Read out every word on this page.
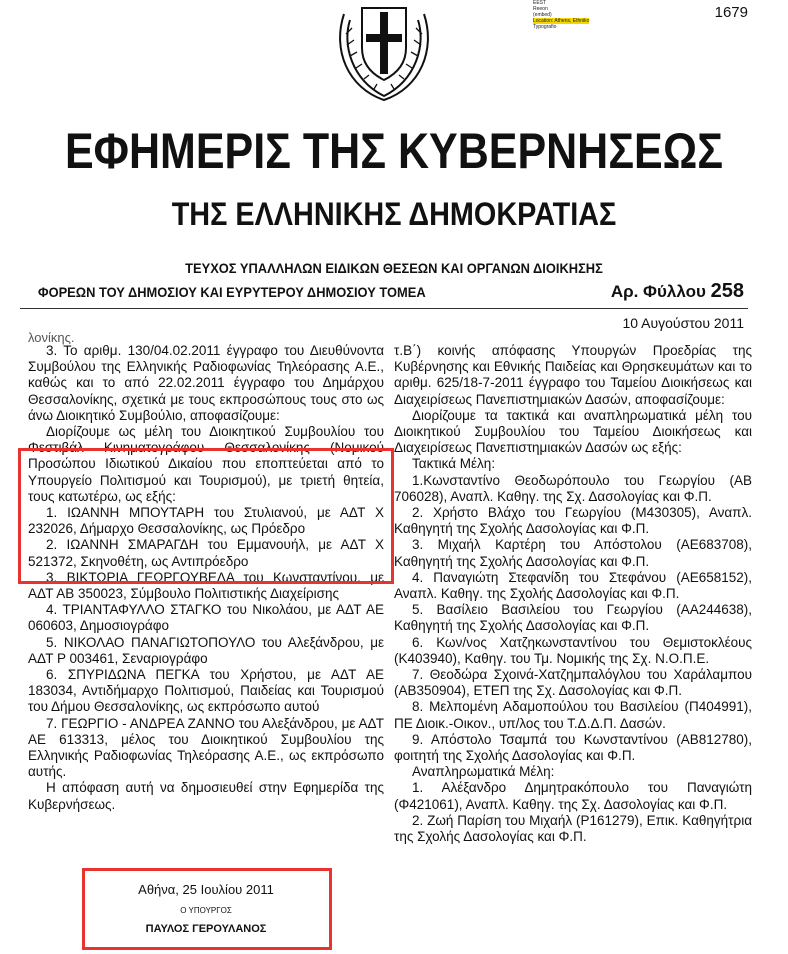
1679
EEST
Reeon
(embed)
Location: Athens, Ethniko
Typografio
ΕΦΗΜΕΡΙΣ ΤΗΣ ΚΥΒΕΡΝΗΣΕΩΣ
ΤΗΣ ΕΛΛΗΝΙΚΗΣ ΔΗΜΟΚΡΑΤΙΑΣ
ΤΕΥΧΟΣ ΥΠΑΛΛΗΛΩΝ ΕΙΔΙΚΩΝ ΘΕΣΕΩΝ ΚΑΙ ΟΡΓΑΝΩΝ ΔΙΟΙΚΗΣΗΣ
ΦΟΡΕΩΝ ΤΟΥ ΔΗΜΟΣΙΟΥ ΚΑΙ ΕΥΡΥΤΕΡΟΥ ΔΗΜΟΣΙΟΥ ΤΟΜΕΑ	Αρ. Φύλλου 258
10 Αυγούστου 2011
λονίκης.

3. Το αριθμ. 130/04.02.2011 έγγραφο του Διευθύνοντα Συμβούλου της Ελληνικής Ραδιοφωνίας Τηλεόρασης Α.Ε., καθώς και το από 22.02.2011 έγγραφο του Δημάρχου Θεσσαλονίκης, σχετικά με τους εκπροσώπους τους στο ως άνω Διοικητικό Συμβούλιο, αποφασίζουμε:

Διορίζουμε ως μέλη του Διοικητικού Συμβουλίου του Φεστιβάλ Κινηματογράφου Θεσσαλονίκης (Νομικού Προσώπου Ιδιωτικού Δικαίου που εποπτεύεται από το Υπουργείο Πολιτισμού και Τουρισμού), με τριετή θητεία, τους κατωτέρω, ως εξής:

1. ΙΩΑΝΝΗ ΜΠΟΥΤΑΡΗ του Στυλιανού, με ΑΔΤ Χ 232026, Δήμαρχο Θεσσαλονίκης, ως Πρόεδρο

2. ΙΩΑΝΝΗ ΣΜΑΡΑΓΔΗ του Εμμανουήλ, με ΑΔΤ Χ 521372, Σκηνοθέτη, ως Αντιπρόεδρο

3. ΒΙΚΤΩΡΙΑ ΓΕΩΡΓΟΥΒΕΛΑ του Κωνσταντίνου, με ΑΔΤ ΑΒ 350023, Σύμβουλο Πολιτιστικής Διαχείρισης

4. ΤΡΙΑΝΤΑΦΥΛΛΟ ΣΤΑΓΚΟ του Νικολάου, με ΑΔΤ ΑΕ 060603, Δημοσιογράφο

5. ΝΙΚΟΛΑΟ ΠΑΝΑΓΙΩΤΟΠΟΥΛΟ του Αλεξάνδρου, με ΑΔΤ Ρ 003461, Σεναριογράφο

6. ΣΠΥΡΙΔΩΝΑ ΠΕΓΚΑ του Χρήστου, με ΑΔΤ ΑΕ 183034, Αντιδήμαρχο Πολιτισμού, Παιδείας και Τουρισμού του Δήμου Θεσσαλονίκης, ως εκπρόσωπο αυτού

7. ΓΕΩΡΓΙΟ - ΑΝΔΡΕΑ ΖΑΝΝΟ του Αλεξάνδρου, με ΑΔΤ ΑΕ 613313, μέλος του Διοικητικού Συμβουλίου της Ελληνικής Ραδιοφωνίας Τηλεόρασης Α.Ε., ως εκπρόσωπο αυτής.

Η απόφαση αυτή να δημοσιευθεί στην Εφημερίδα της Κυβερνήσεως.

Αθήνα, 25 Ιουλίου 2011
Ο ΥΠΟΥΡΓΟΣ
ΠΑΥΛΟΣ ΓΕΡΟΥΛΑΝΟΣ

τ.Β΄) κοινής απόφασης Υπουργών Προεδρίας της Κυβέρνησης και Εθνικής Παιδείας και Θρησκευμάτων και το αριθμ. 625/18-7-2011 έγγραφο του Ταμείου Διοικήσεως και Διαχειρίσεως Πανεπιστημιακών Δασών, αποφασίζουμε:

Διορίζουμε τα τακτικά και αναπληρωματικά μέλη του Διοικητικού Συμβουλίου του Ταμείου Διοικήσεως και Διαχειρίσεως Πανεπιστημιακών Δασών ως εξής:

Τακτικά Μέλη:

1.Κωνσταντίνο Θεοδωρόπουλο του Γεωργίου (ΑΒ 706028), Αναπλ. Καθηγ. της Σχ. Δασολογίας και Φ.Π.

2. Χρήστο Βλάχο του Γεωργίου (Μ430305), Αναπλ. Καθηγητή της Σχολής Δασολογίας και Φ.Π.

3. Μιχαήλ Καρτέρη του Απόστολου (ΑΕ683708), Καθηγητή της Σχολής Δασολογίας και Φ.Π.

4. Παναγιώτη Στεφανίδη του Στεφάνου (ΑΕ658152), Αναπλ. Καθηγ. της Σχολής Δασολογίας και Φ.Π.

5. Βασίλειο Βασιλείου του Γεωργίου (ΑΑ244638), Καθηγητή της Σχολής Δασολογίας και Φ.Π.

6. Κων/νος Χατζηκωνσταντίνου του Θεμιστοκλέους (Κ403940), Καθηγ. του Τμ. Νομικής της Σχ. Ν.Ο.Π.Ε.

7. Θεοδώρα Σχοινά-Χατζημπαλόγλου του Χαράλαμπου (ΑΒ350904), ΕΤΕΠ της Σχ. Δασολογίας και Φ.Π.

8. Μελπομένη Αδαμοπούλου του Βασιλείου (Π404991), ΠΕ Διοικ.-Οικον., υπ/λος του Τ.Δ.Δ.Π. Δασών.

9. Απόστολο Τσαμπά του Κωνσταντίνου (ΑΒ812780), φοιτητή της Σχολής Δασολογίας και Φ.Π.

Αναπληρωματικά Μέλη:

1. Αλέξανδρο Δημητρακόπουλο του Παναγιώτη (Φ421061), Αναπλ. Καθηγ. της Σχ. Δασολογίας και Φ.Π.

2. Ζωή Παρίση του Μιχαήλ (Ρ161279), Επικ. Καθηγήτρια της Σχολής Δασολογίας και Φ.Π.
